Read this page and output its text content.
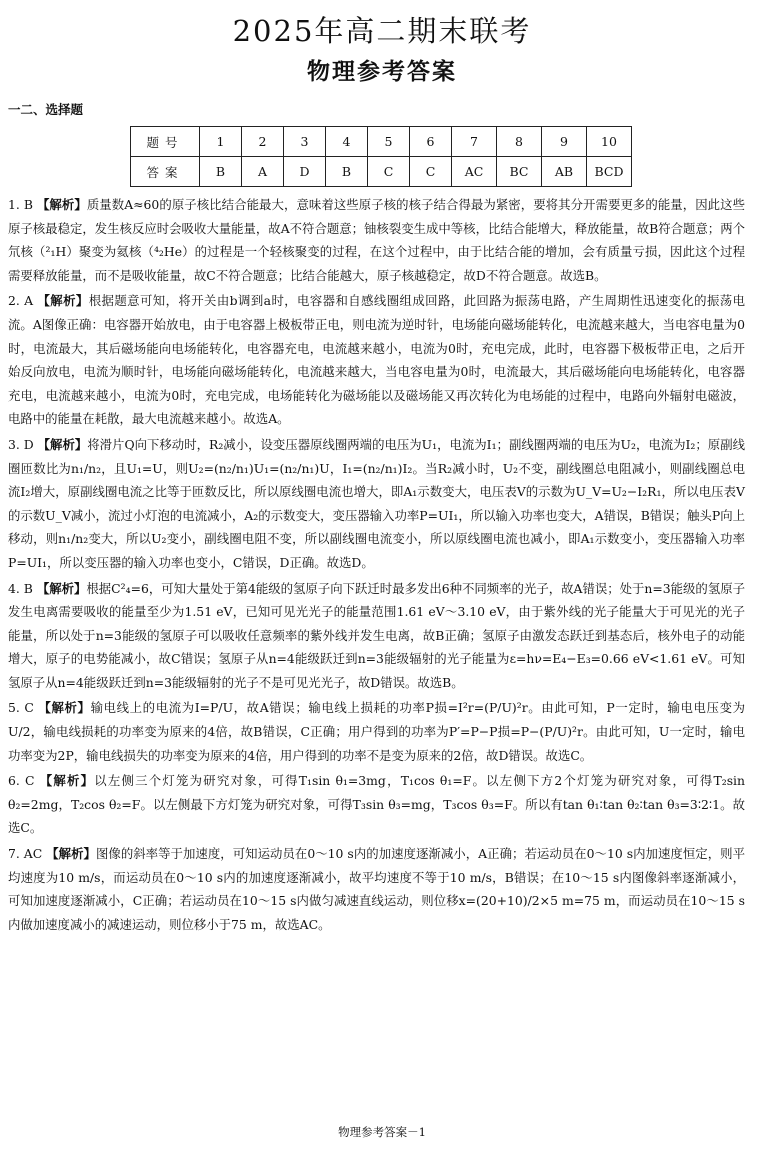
2025年高二期末联考
物理参考答案
一二、选择题
题号	1	2	3	4	5	6	7	8	9	10
答案	B	A	D	B	C	C	AC	BC	AB	BCD
1. B 【解析】质量数A≈60的原子核比结合能最大，意味着这些原子核的核子结合得最为紧密，要将其分开需要更多的能量，因此这些原子核最稳定，发生核反应时会吸收大量能量，故A不符合题意；铀核裂变生成中等核，比结合能增大，释放能量，故B符合题意；两个氘核（²₁H）聚变为氦核（⁴₂He）的过程是一个轻核聚变的过程，在这个过程中，由于比结合能的增加，会有质量亏损，因此这个过程需要释放能量，而不是吸收能量，故C不符合题意；比结合能越大，原子核越稳定，故D不符合题意。故选B。
2. A 【解析】根据题意可知，将开关由b调到a时，电容器和自感线圈组成回路，此回路为振荡电路，产生周期性迅速变化的振荡电流。A图像正确：电容器开始放电，由于电容器上极板带正电，则电流为逆时针，电场能向磁场能转化，电流越来越大，当电容电量为0时，电流最大，其后磁场能向电场能转化，电容器充电，电流越来越小，电流为0时，充电完成，此时，电容器下极板带正电，之后开始反向放电，电流为顺时针，电场能向磁场能转化，电流越来越大，当电容电量为0时，电流最大，其后磁场能向电场能转化，电容器充电，电流越来越小，电流为0时，充电完成，电场能转化为磁场能以及磁场能又再次转化为电场能的过程中，电路向外辐射电磁波，电路中的能量在耗散，最大电流越来越小。故选A。
3. D 【解析】将滑片Q向下移动时，R₂减小，设变压器原线圈两端的电压为U₁，电流为I₁；副线圈两端的电压为U₂，电流为I₂；原副线圈匝数比为n₁/n₂，且U₁=U，则U₂=(n₂/n₁)U₁=(n₂/n₁)U，I₁=(n₂/n₁)I₂。当R₂减小时，U₂不变，副线圈总电阻减小，则副线圈总电流I₂增大，原副线圈电流之比等于匝数反比，所以原线圈电流也增大，即A₁示数变大，电压表V的示数为U_V=U₂−I₂R₁，所以电压表V的示数U_V减小，流过小灯泡的电流减小，A₂的示数变大，变压器输入功率P=UI₁，所以输入功率也变大，A错误，B错误；触头P向上移动，则n₁/n₂变大，所以U₂变小，副线圈电阻不变，所以副线圈电流变小，所以原线圈电流也减小，即A₁示数变小，变压器输入功率P=UI₁，所以变压器的输入功率也变小，C错误，D正确。故选D。
4. B 【解析】根据C²₄=6，可知大量处于第4能级的氢原子向下跃迁时最多发出6种不同频率的光子，故A错误；处于n=3能级的氢原子发生电离需要吸收的能量至少为1.51 eV，已知可见光光子的能量范围1.61 eV～3.10 eV，由于紫外线的光子能量大于可见光的光子能量，所以处于n=3能级的氢原子可以吸收任意频率的紫外线并发生电离，故B正确；氢原子由激发态跃迁到基态后，核外电子的动能增大，原子的电势能减小，故C错误；氢原子从n=4能级跃迁到n=3能级辐射的光子能量为ε=hν=E₄−E₃=0.66 eV<1.61 eV。可知氢原子从n=4能级跃迁到n=3能级辐射的光子不是可见光光子，故D错误。故选B。
5. C 【解析】输电线上的电流为I=P/U，故A错误；输电线上损耗的功率P损=I²r=(P/U)²r。由此可知，P一定时，输电电压变为U/2，输电线损耗的功率变为原来的4倍，故B错误，C正确；用户得到的功率为P′=P−P损=P−(P/U)²r。由此可知，U一定时，输电功率变为2P，输电线损失的功率变为原来的4倍，用户得到的功率不是变为原来的2倍，故D错误。故选C。
6. C 【解析】以左侧三个灯笼为研究对象，可得T₁sin θ₁=3mg，T₁cos θ₁=F。以左侧下方2个灯笼为研究对象，可得T₂sin θ₂=2mg，T₂cos θ₂=F。以左侧最下方灯笼为研究对象，可得T₃sin θ₃=mg，T₃cos θ₃=F。所以有tan θ₁∶tan θ₂∶tan θ₃=3∶2∶1。故选C。
7. AC 【解析】图像的斜率等于加速度，可知运动员在0～10 s内的加速度逐渐减小，A正确；若运动员在0～10 s内加速度恒定，则平均速度为10 m/s，而运动员在0～10 s内的加速度逐渐减小，故平均速度不等于10 m/s，B错误；在10～15 s内图像斜率逐渐减小，可知加速度逐渐减小，C正确；若运动员在10～15 s内做匀减速直线运动，则位移x=(20+10)/2×5 m=75 m，而运动员在10～15 s内做加速度减小的减速运动，则位移小于75 m，故选AC。
物理参考答案－1
